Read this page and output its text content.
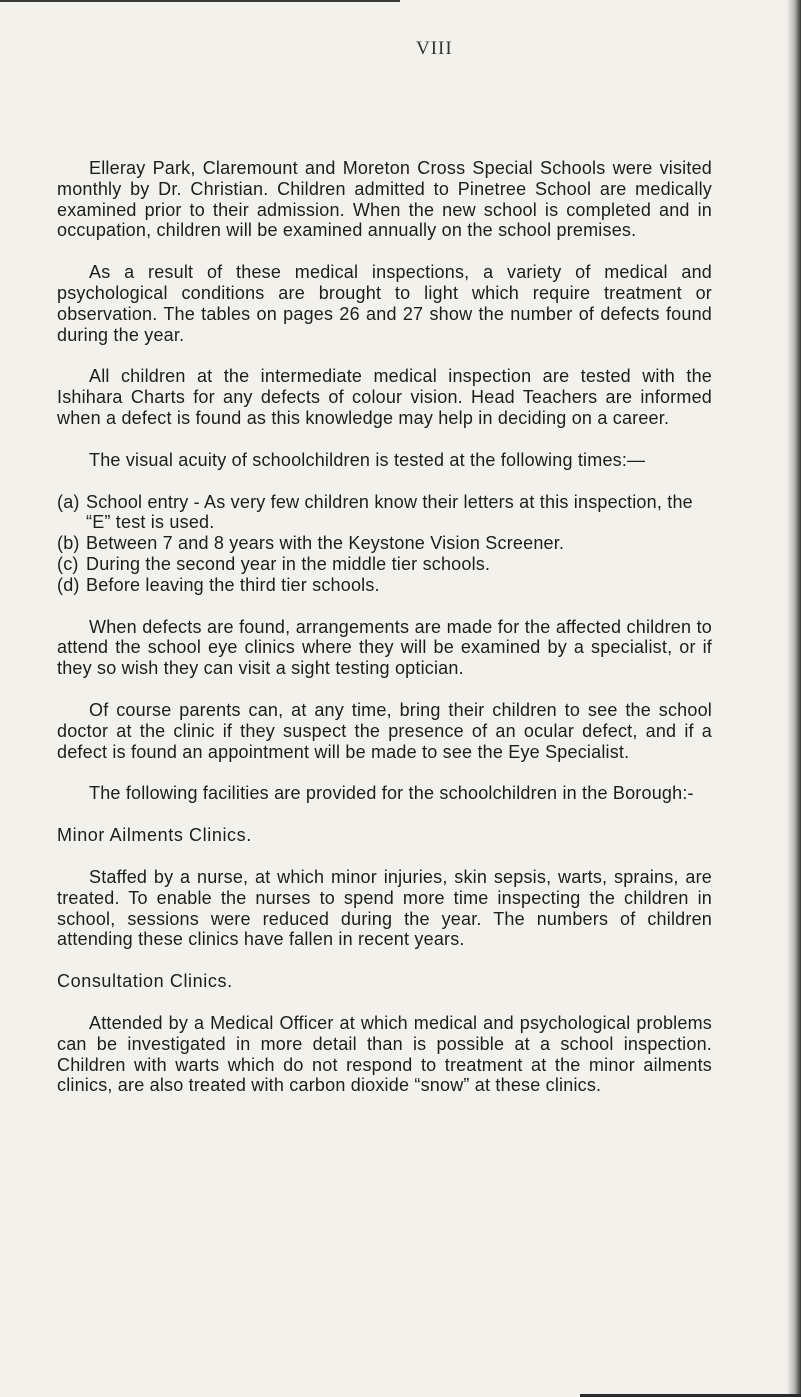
VIII

Elleray Park, Claremount and Moreton Cross Special Schools were visited monthly by Dr. Christian. Children admitted to Pinetree School are medically examined prior to their admission. When the new school is completed and in occupation, children will be examined annually on the school premises.

As a result of these medical inspections, a variety of medical and psychological conditions are brought to light which require treatment or observation. The tables on pages 26 and 27 show the number of defects found during the year.

All children at the intermediate medical inspection are tested with the Ishihara Charts for any defects of colour vision. Head Teachers are informed when a defect is found as this knowledge may help in deciding on a career.

The visual acuity of schoolchildren is tested at the following times:—

(a) School entry - As very few children know their letters at this inspection, the “E” test is used.
(b) Between 7 and 8 years with the Keystone Vision Screener.
(c) During the second year in the middle tier schools.
(d) Before leaving the third tier schools.

When defects are found, arrangements are made for the affected children to attend the school eye clinics where they will be examined by a specialist, or if they so wish they can visit a sight testing optician.

Of course parents can, at any time, bring their children to see the school doctor at the clinic if they suspect the presence of an ocular defect, and if a defect is found an appointment will be made to see the Eye Specialist.

The following facilities are provided for the schoolchildren in the Borough:-

Minor Ailments Clinics.

Staffed by a nurse, at which minor injuries, skin sepsis, warts, sprains, are treated. To enable the nurses to spend more time inspecting the children in school, sessions were reduced during the year. The numbers of children attending these clinics have fallen in recent years.

Consultation Clinics.

Attended by a Medical Officer at which medical and psychological problems can be investigated in more detail than is possible at a school inspection. Children with warts which do not respond to treatment at the minor ailments clinics, are also treated with carbon dioxide “snow” at these clinics.
